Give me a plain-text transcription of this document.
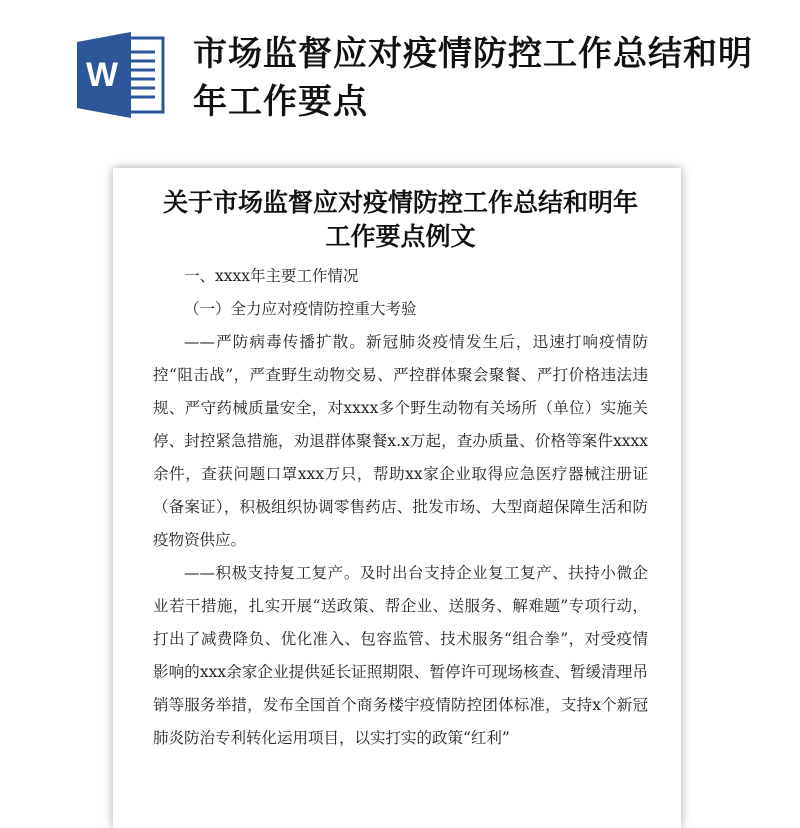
W
市场监督应对疫情防控工作总结和明年工作要点
关于市场监督应对疫情防控工作总结和明年工作要点例文

一、xxxx年主要工作情况

（一）全力应对疫情防控重大考验

——严防病毒传播扩散。新冠肺炎疫情发生后，迅速打响疫情防控“阻击战”，严查野生动物交易、严控群体聚会聚餐、严打价格违法违规、严守药械质量安全，对xxxx多个野生动物有关场所（单位）实施关停、封控紧急措施，劝退群体聚餐x.x万起，查办质量、价格等案件xxxx余件，查获问题口罩xxx万只，帮助xx家企业取得应急医疗器械注册证（备案证），积极组织协调零售药店、批发市场、大型商超保障生活和防疫物资供应。

——积极支持复工复产。及时出台支持企业复工复产、扶持小微企业若干措施，扎实开展“送政策、帮企业、送服务、解难题”专项行动，打出了减费降负、优化准入、包容监管、技术服务“组合拳”，对受疫情影响的xxx余家企业提供延长证照期限、暂停许可现场核查、暂缓清理吊销等服务举措，发布全国首个商务楼宇疫情防控团体标准，支持x个新冠肺炎防治专利转化运用项目，以实打实的政策“红利”
